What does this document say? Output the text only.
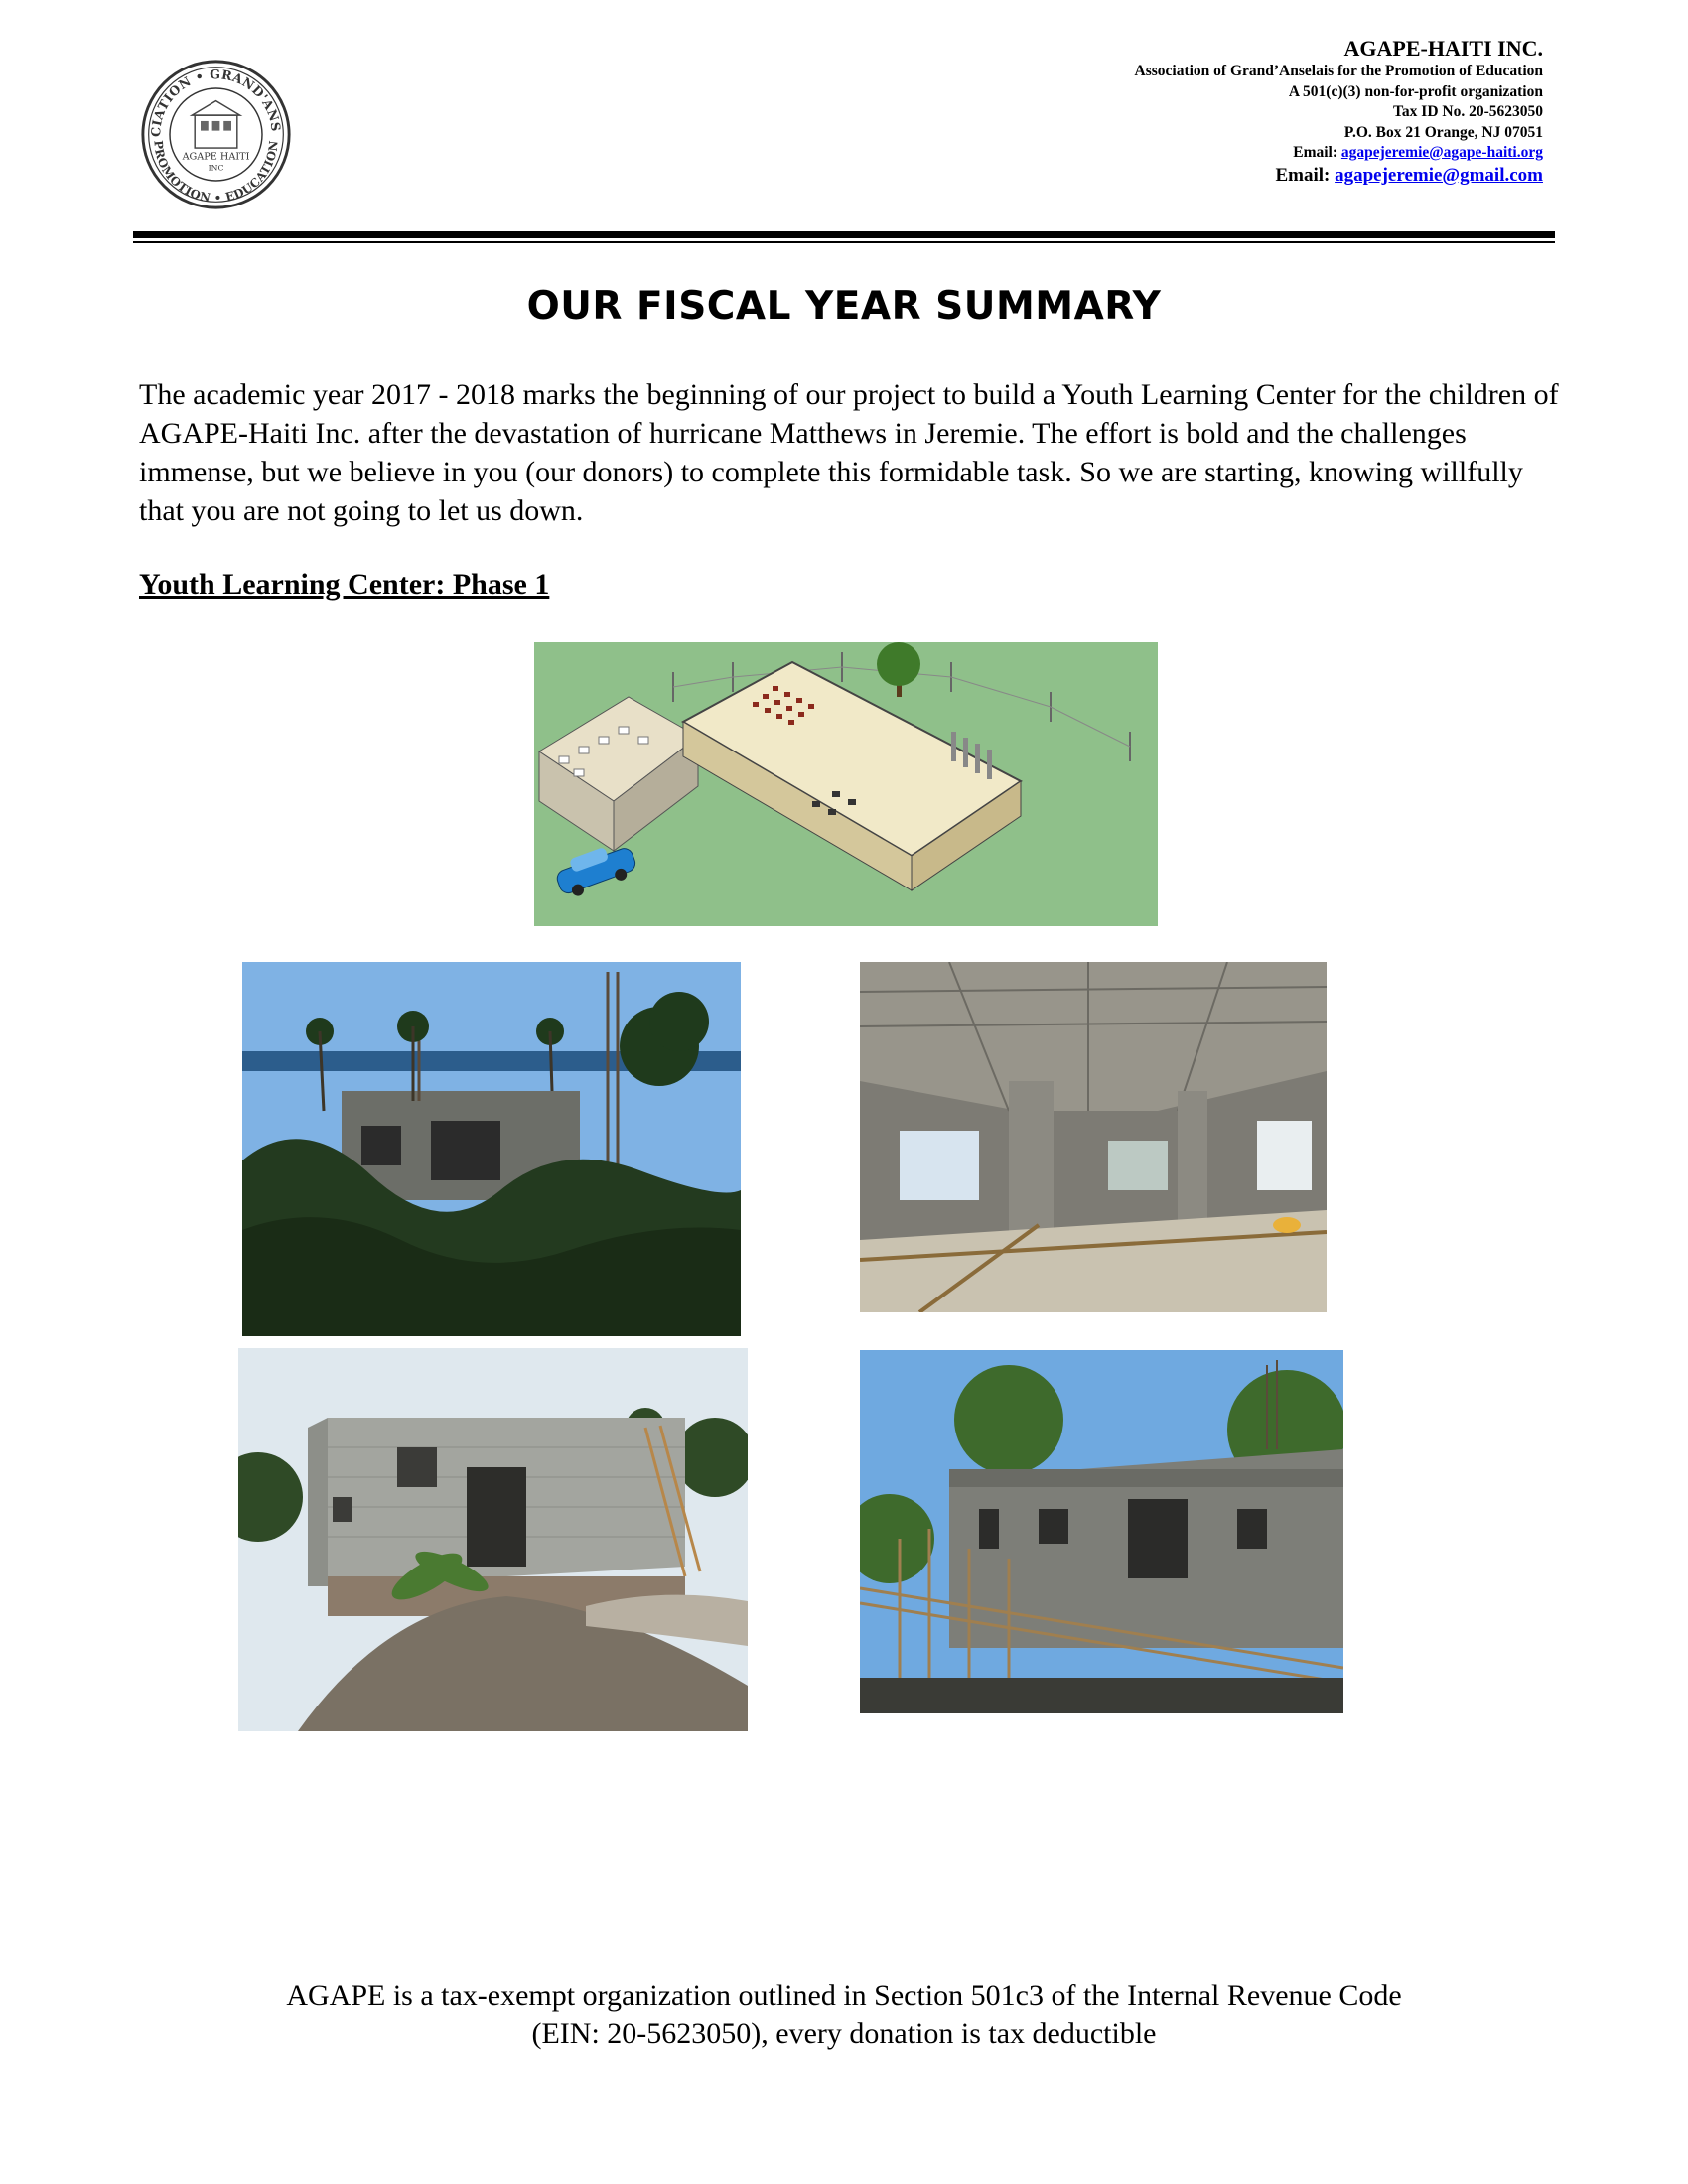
CIATION • GRAND'ANS
PROMOTION • EDUCATION
AGAPE HAITI
INC
AGAPE-HAITI INC.
Association of Grand’Anselais for the Promotion of Education
A 501(c)(3) non-for-profit organization
Tax ID No. 20-5623050
P.O. Box 21 Orange, NJ 07051
Email: agapejeremie@agape-haiti.org
Email: agapejeremie@gmail.com
OUR FISCAL YEAR SUMMARY
The academic year 2017 - 2018 marks the beginning of our project to build a Youth Learning Center for the children of AGAPE-Haiti Inc. after the devastation of hurricane Matthews in Jeremie. The effort is bold and the challenges immense, but we believe in you (our donors) to complete this formidable task. So we are starting, knowing willfully that you are not going to let us down.
Youth Learning Center: Phase 1
AGAPE is a tax-exempt organization outlined in Section 501c3 of the Internal Revenue Code
(EIN: 20-5623050), every donation is tax deductible
